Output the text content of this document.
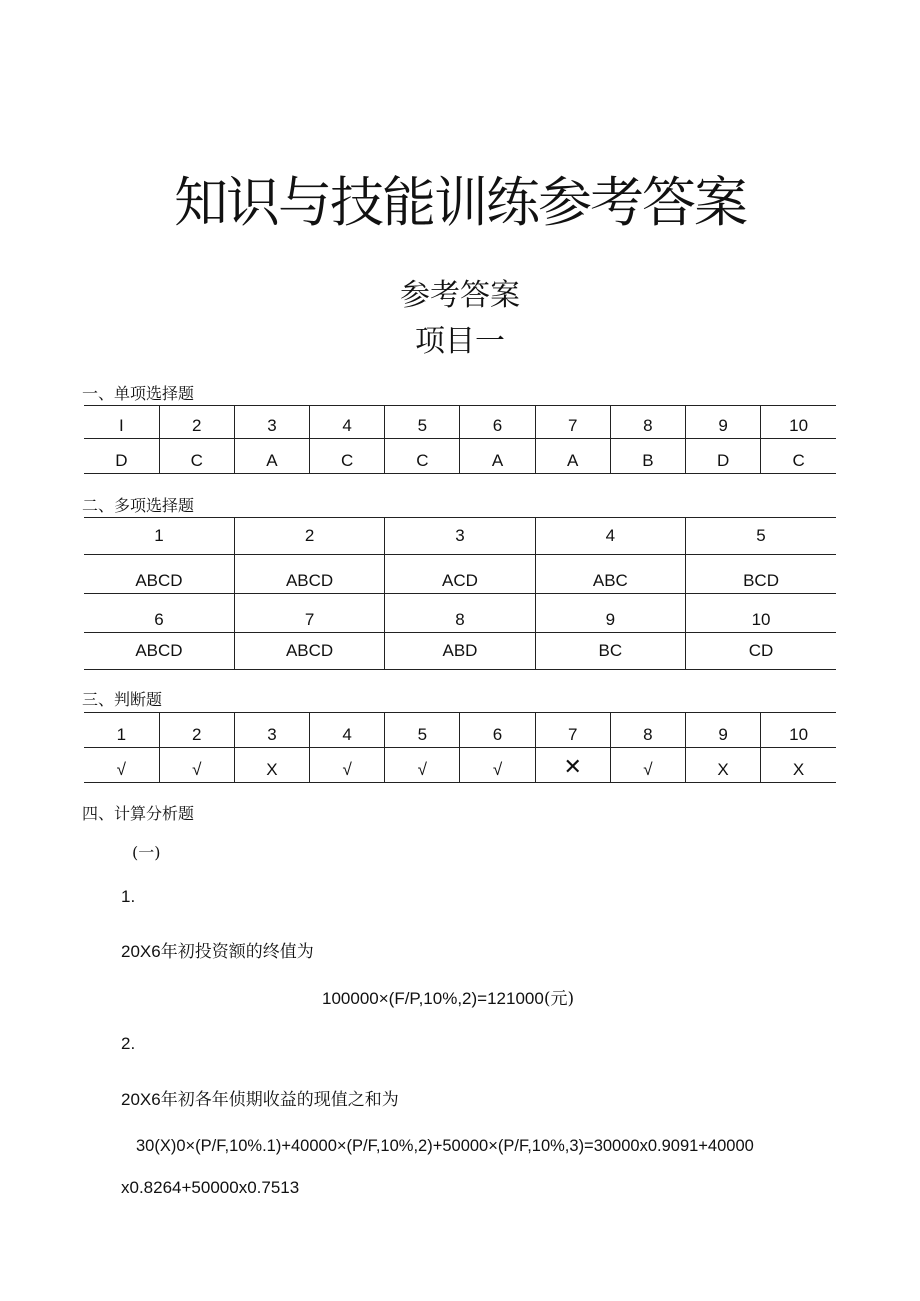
知识与技能训练参考答案
参考答案
项目一
一、单项选择题
I	2	3	4	5	6	7	8	9	10
D	C	A	C	C	A	A	B	D	C
二、多项选择题
1	2	3	4	5
ABCD	ABCD	ACD	ABC	BCD
6	7	8	9	10
ABCD	ABCD	ABD	BC	CD
三、判断题
1	2	3	4	5	6	7	8	9	10
√	√	X	√	√	√	✕	√	X	X
四、计算分析题
(一)
1.
20X6年初投资额的终值为
100000×(F/P,10%,2)=121000(元)
2.
20X6年初各年侦期收益的现值之和为
30(X)0×(P/F,10%.1)+40000×(P/F,10%,2)+50000×(P/F,10%,3)=30000x0.9091+40000
x0.8264+50000x0.7513
